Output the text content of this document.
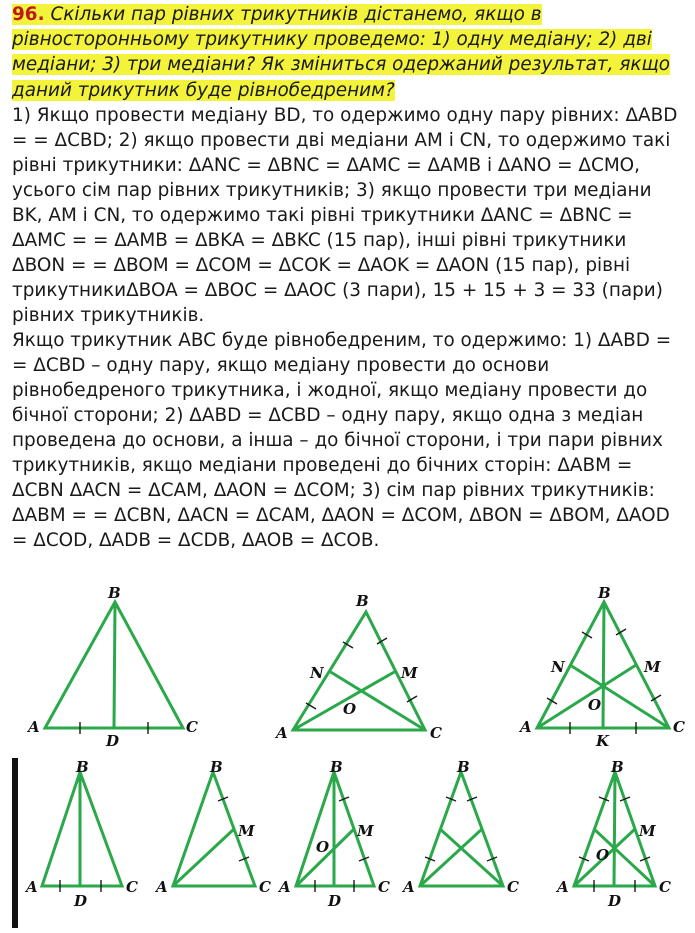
96. Скільки пар рівних трикутників дістанемо, якщо в рівносторонньому трикутнику проведемо: 1) одну медіану; 2) дві медіани; 3) три медіани? Як зміниться одержаний результат, якщо даний трикутник буде рівнобедреним?

1) Якщо провести медіану BD, то одержимо одну пару рівних: ΔABD = = ΔCBD; 2) якщо провести дві медіани AM і CN, то одержимо такі рівні трикутники: ΔANC = ΔBNC = ΔAMC = ΔAMB і ΔANO = ΔCMO, усього сім пар рівних трикутників; 3) якщо провести три медіани BK, AM і CN, то одержимо такі рівні трикутники ΔANC = ΔBNC = ΔAMC = = ΔAMB = ΔBKA = ΔBKC (15 пар), інші рівні трикутники ΔBON = = ΔBOM = ΔCOM = ΔCOK = ΔAOK = ΔAON (15 пар), рівні трикутникиΔBOA = ΔBOC = ΔAOC (3 пари), 15 + 15 + 3 = 33 (пари) рівних трикутників.

Якщо трикутник ABC буде рівнобедреним, то одержимо: 1) ΔABD = = ΔCBD – одну пару, якщо медіану провести до основи рівнобедреного трикутника, і жодної, якщо медіану провести до бічної сторони; 2) ΔABD = ΔCBD – одну пару, якщо одна з медіан проведена до основи, а інша – до бічної сторони, і три пари рівних трикутників, якщо медіани проведені до бічних сторін: ΔABM = ΔCBN ΔACN = ΔCAM, ΔAON = ΔCOM; 3) сім пар рівних трикутників: ΔABM = = ΔCBN, ΔACN = ΔCAM, ΔAON = ΔCOM, ΔBON = ΔBOM, ΔAOD = ΔCOD, ΔADB = ΔCDB, ΔAOB = ΔCOB.

B
A	C
D
B
A	C
N	M
O
B
A	C
N	M
O
K
B
A	C
D
B
A	C
M
B
A	C
M
O
D
B
A	C
B
A	C
M
O
D
